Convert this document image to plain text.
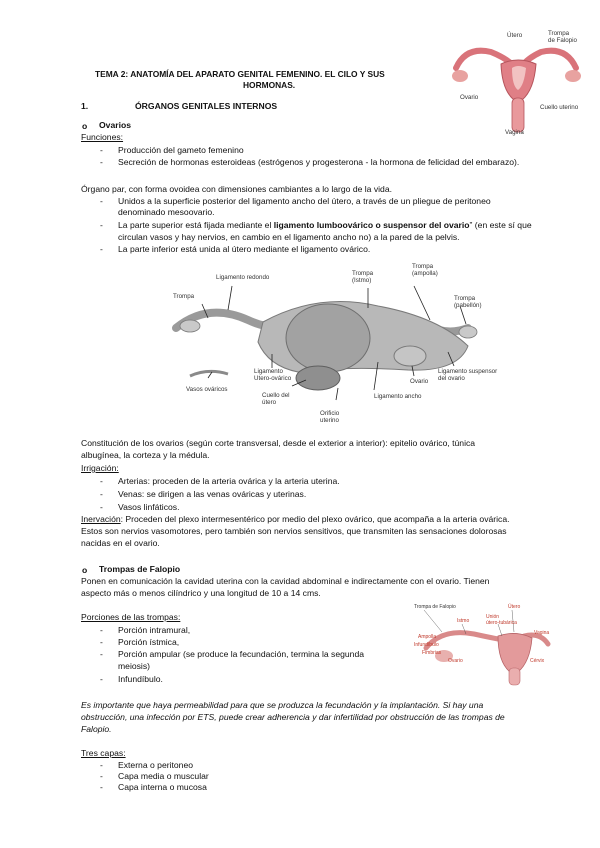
TEMA 2: ANATOMÍA DEL APARATO GENITAL FEMENINO. EL CILO Y SUS
HORMONAS.
1.	ÓRGANOS GENITALES INTERNOS
Útero	Trompa
de Falopio
Ovario
Cuello uterino
Vagina
o Ovarios
Funciones:
- Producción del gameto femenino
- Secreción de hormonas esteroideas (estrógenos y progesterona - la hormona de felicidad del embarazo).
Órgano par, con forma ovoidea con dimensiones cambiantes a lo largo de la vida.
- Unidos a la superficie posterior del ligamento ancho del útero, a través de un pliegue de peritoneo
denominado mesoovario.
- La parte superior está fijada mediante el ligamento lumboovárico o suspensor del ovario” (en este sí que
circulan vasos y hay nervios, en cambio en el ligamento ancho no) a la pared de la pelvis.
- La parte inferior está unida al útero mediante el ligamento ovárico.
Trompa
Ligamento redondo
Trompa
(Istmo)
Trompa
(ampolla)
Trompa
(pabellón)
Ligamento
Utero-ovárico
Vasos ováricos
Cuello del
útero
Orificio
uterino
Ligamento ancho
Ovario
Ligamento suspensor
del ovario
Constitución de los ovarios (según corte transversal, desde el exterior a interior): epitelio ovárico, túnica
albugínea, la corteza y la médula.
Irrigación:
- Arterias: proceden de la arteria ovárica y la arteria uterina.
- Venas: se dirigen a las venas ováricas y uterinas.
- Vasos linfáticos.
Inervación: Proceden del plexo intermesentérico por medio del plexo ovárico, que acompaña a la arteria ovárica.
Estos son nervios vasomotores, pero también son nervios sensitivos, que transmiten las sensaciones dolorosas
nacidas en el ovario.
o Trompas de Falopio
Ponen en comunicación la cavidad uterina con la cavidad abdominal e indirectamente con el ovario. Tienen
aspecto más o menos cilíndrico y una longitud de 10 a 14 cms.
Porciones de las trompas:
- Porción intramural,
- Porción ístmica,
- Porción ampular (se produce la fecundación, termina la segunda
meiosis)
- Infundíbulo.
Trompa de Falopio
Istmo
Unión
útero-tubárica
Útero
Ampolla
Infundíbulo
Fimbrias
Ovario
Vagina
Cérvix
Es importante que haya permeabilidad para que se produzca la fecundación y la implantación. Si hay una
obstrucción, una infección por ETS, puede crear adherencia y dar infertilidad por obstrucción de las trompas de
Falopio.
Tres capas:
- Externa o peritoneo
- Capa media o muscular
- Capa interna o mucosa
